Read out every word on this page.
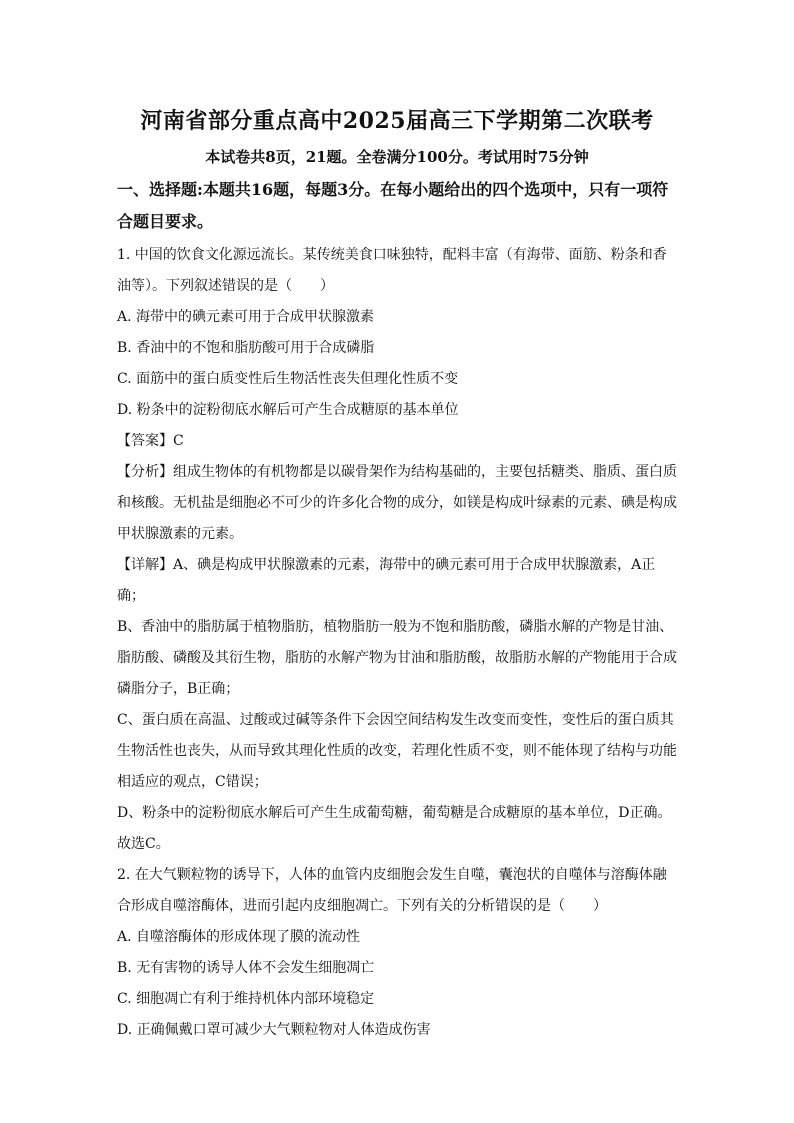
河南省部分重点高中2025届高三下学期第二次联考
本试卷共8页，21题。全卷满分100分。考试用时75分钟
一、选择题:本题共16题，每题3分。在每小题给出的四个选项中，只有一项符合题目要求。

1. 中国的饮食文化源远流长。某传统美食口味独特，配料丰富（有海带、面筋、粉条和香油等）。下列叙述错误的是（　　）

A. 海带中的碘元素可用于合成甲状腺激素

B. 香油中的不饱和脂肪酸可用于合成磷脂

C. 面筋中的蛋白质变性后生物活性丧失但理化性质不变

D. 粉条中的淀粉彻底水解后可产生合成糖原的基本单位

【答案】C

【分析】组成生物体的有机物都是以碳骨架作为结构基础的，主要包括糖类、脂质、蛋白质和核酸。无机盐是细胞必不可少的许多化合物的成分，如镁是构成叶绿素的元素、碘是构成甲状腺激素的元素。

【详解】A、碘是构成甲状腺激素的元素，海带中的碘元素可用于合成甲状腺激素，A正确；

B、香油中的脂肪属于植物脂肪，植物脂肪一般为不饱和脂肪酸，磷脂水解的产物是甘油、脂肪酸、磷酸及其衍生物，脂肪的水解产物为甘油和脂肪酸，故脂肪水解的产物能用于合成磷脂分子，B正确；

C、蛋白质在高温、过酸或过碱等条件下会因空间结构发生改变而变性，变性后的蛋白质其生物活性也丧失，从而导致其理化性质的改变，若理化性质不变，则不能体现了结构与功能相适应的观点，C错误；

D、粉条中的淀粉彻底水解后可产生生成葡萄糖，葡萄糖是合成糖原的基本单位，D正确。

故选C。

2. 在大气颗粒物的诱导下，人体的血管内皮细胞会发生自噬，囊泡状的自噬体与溶酶体融合形成自噬溶酶体，进而引起内皮细胞凋亡。下列有关的分析错误的是（　　）

A. 自噬溶酶体的形成体现了膜的流动性

B. 无有害物的诱导人体不会发生细胞凋亡

C. 细胞凋亡有利于维持机体内部环境稳定

D. 正确佩戴口罩可减少大气颗粒物对人体造成伤害
